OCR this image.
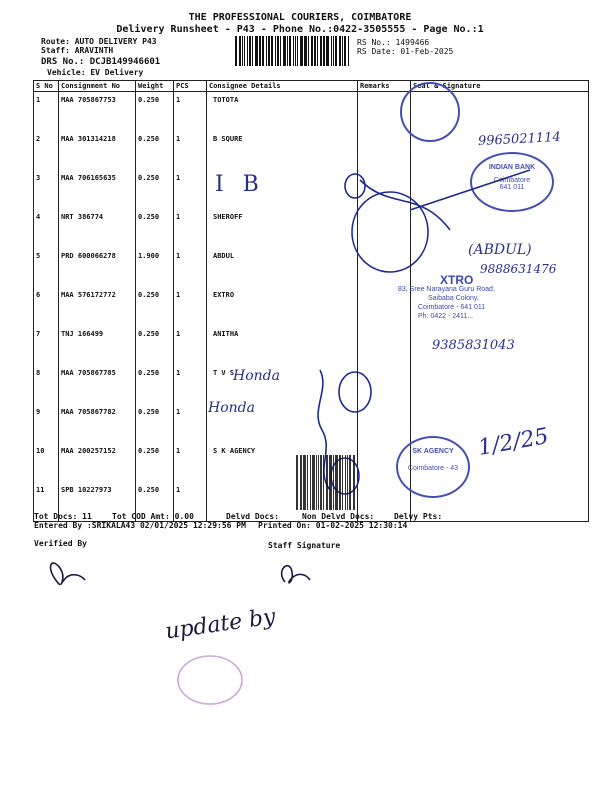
THE PROFESSIONAL COURIERS, COIMBATORE
Delivery Runsheet - P43 - Phone No.:0422-3505555 - Page No.:1
Route: AUTO DELIVERY P43
Staff: ARAVINTH
DRS No.: DCJB149946601
Vehicle: EV Delivery
RS No.: 1499466
RS Date: 01-Feb-2025
S No	Consignment No	Weight	PCS	Consignee Details	Remarks	Seal & Signature
1	MAA 705867753	0.250	1	TOTOTA		
2	MAA 301314218	0.250	1	B SQURE		
3	MAA 706165635	0.250	1			
4	NRT 386774	0.250	1	SHEROFF		
5	PRD 600066278	1.900	1	ABDUL		
6	MAA 576172772	0.250	1	EXTRO		
7	TNJ 166499	0.250	1	ANITHA		
8	MAA 705867785	0.250	1	T V S		
9	MAA 705867782	0.250	1			
10	MAA 200257152	0.250	1	S K AGENCY		
11	SPB 10227973	0.250	1			
I B
Honda
Honda
9965021114
(ABDUL)
9888631476
9385831043
1/2/25
XTRO
83, Sree Narayana Guru Road,
Saibaba Colony,
Coimbatore - 641 011
Ph: 0422 - 2411...
INDIAN BANK
Coimbatore
641 011
SK AGENCY
Coimbatore - 43
Tot Docs: 11	Tot COD Amt: 0.00	Delvd Docs:	Non Delvd Docs: Delvy Pts:
Entered By :SRIKALA43 02/01/2025 12:29:56 PM Printed On: 01-02-2025 12:30:14
Verified By	Staff Signature
update by
